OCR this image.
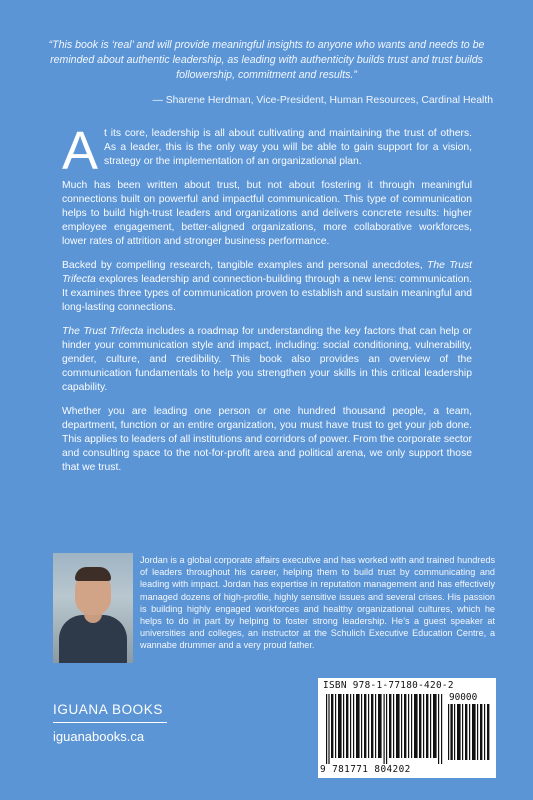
“This book is ‘real’ and will provide meaningful insights to anyone who wants and needs to be reminded about authentic leadership, as leading with authenticity builds trust and trust builds followership, commitment and results.”
— Sharene Herdman, Vice-President, Human Resources, Cardinal Health

At its core, leadership is all about cultivating and maintaining the trust of others. As a leader, this is the only way you will be able to gain support for a vision, strategy or the implementation of an organizational plan.

Much has been written about trust, but not about fostering it through meaningful connections built on powerful and impactful communication. This type of communication helps to build high-trust leaders and organizations and delivers concrete results: higher employee engagement, better-aligned organizations, more collaborative workforces, lower rates of attrition and stronger business performance.

Backed by compelling research, tangible examples and personal anecdotes, The Trust Trifecta explores leadership and connection-building through a new lens: communication. It examines three types of communication proven to establish and sustain meaningful and long-lasting connections.

The Trust Trifecta includes a roadmap for understanding the key factors that can help or hinder your communication style and impact, including: social conditioning, vulnerability, gender, culture, and credibility. This book also provides an overview of the communication fundamentals to help you strengthen your skills in this critical leadership capability.

Whether you are leading one person or one hundred thousand people, a team, department, function or an entire organization, you must have trust to get your job done. This applies to leaders of all institutions and corridors of power. From the corporate sector and consulting space to the not-for-profit area and political arena, we only support those that we trust.

Jordan is a global corporate affairs executive and has worked with and trained hundreds of leaders throughout his career, helping them to build trust by communicating and leading with impact. Jordan has expertise in reputation management and has effectively managed dozens of high-profile, highly sensitive issues and several crises. His passion is building highly engaged workforces and healthy organizational cultures, which he helps to do in part by helping to foster strong leadership. He’s a guest speaker at universities and colleges, an instructor at the Schulich Executive Education Centre, a wannabe drummer and a very proud father.
IGUANA BOOKS
iguanabooks.ca
ISBN 978-1-77180-420-2
90000
9 781771 804202
